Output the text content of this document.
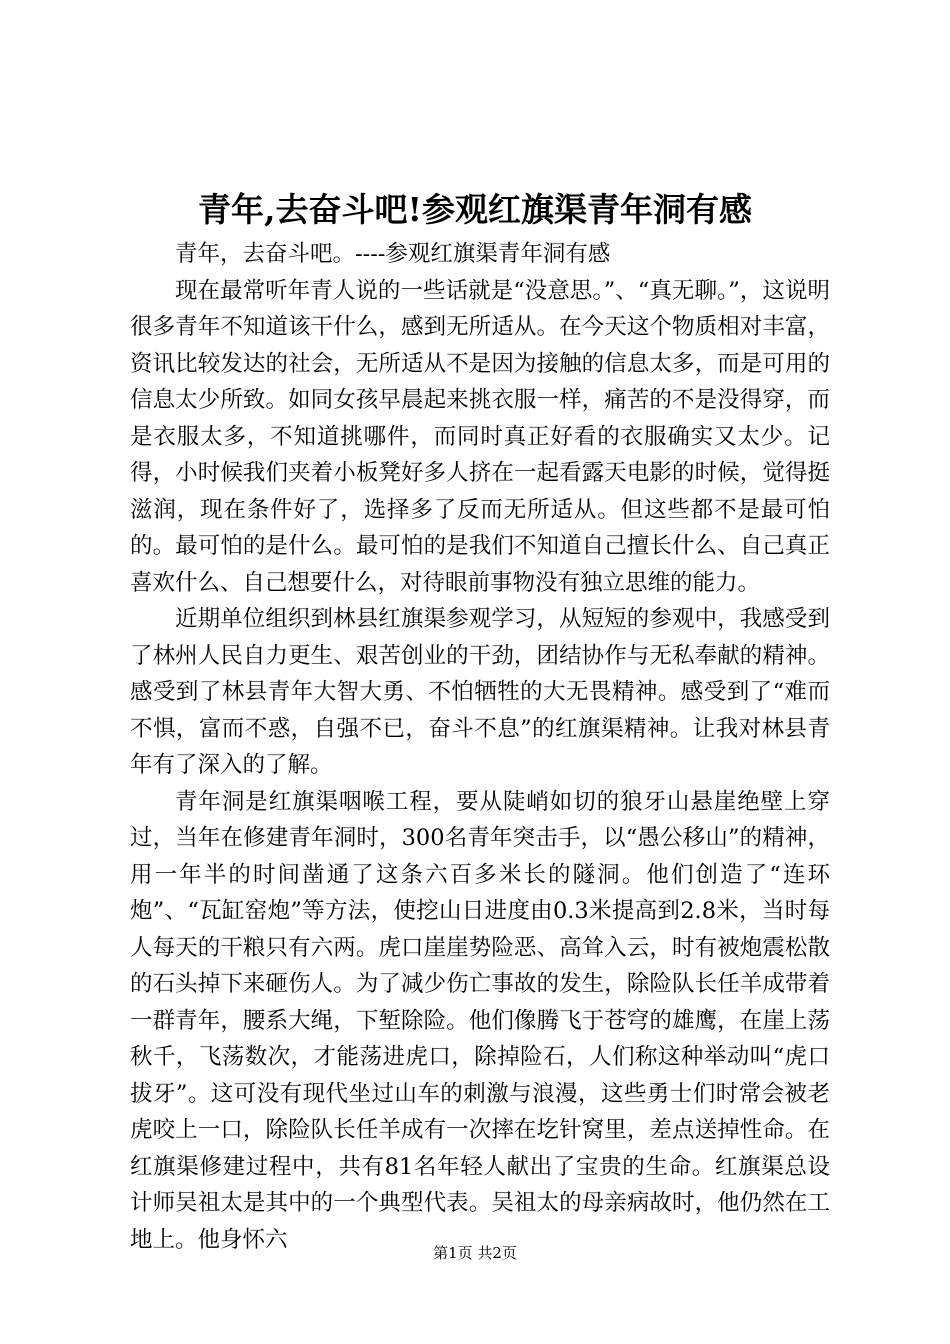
青年,去奋斗吧!参观红旗渠青年洞有感

青年，去奋斗吧。----参观红旗渠青年洞有感

现在最常听年青人说的一些话就是“没意思。”、“真无聊。”，这说明很多青年不知道该干什么，感到无所适从。在今天这个物质相对丰富，资讯比较发达的社会，无所适从不是因为接触的信息太多，而是可用的信息太少所致。如同女孩早晨起来挑衣服一样，痛苦的不是没得穿，而是衣服太多，不知道挑哪件，而同时真正好看的衣服确实又太少。记得，小时候我们夹着小板凳好多人挤在一起看露天电影的时候，觉得挺滋润，现在条件好了，选择多了反而无所适从。但这些都不是最可怕的。最可怕的是什么。最可怕的是我们不知道自己擅长什么、自己真正喜欢什么、自己想要什么，对待眼前事物没有独立思维的能力。

近期单位组织到林县红旗渠参观学习，从短短的参观中，我感受到了林州人民自力更生、艰苦创业的干劲，团结协作与无私奉献的精神。感受到了林县青年大智大勇、不怕牺牲的大无畏精神。感受到了“难而不惧，富而不惑，自强不已，奋斗不息”的红旗渠精神。让我对林县青年有了深入的了解。

青年洞是红旗渠咽喉工程，要从陡峭如切的狼牙山悬崖绝壁上穿过，当年在修建青年洞时，300名青年突击手，以“愚公移山”的精神，用一年半的时间凿通了这条六百多米长的隧洞。他们创造了“连环炮”、“瓦缸窑炮”等方法，使挖山日进度由0.3米提高到2.8米，当时每人每天的干粮只有六两。虎口崖崖势险恶、高耸入云，时有被炮震松散的石头掉下来砸伤人。为了减少伤亡事故的发生，除险队长任羊成带着一群青年，腰系大绳，下堑除险。他们像腾飞于苍穹的雄鹰，在崖上荡秋千，飞荡数次，才能荡进虎口，除掉险石，人们称这种举动叫“虎口拔牙”。这可没有现代坐过山车的刺激与浪漫，这些勇士们时常会被老虎咬上一口，除险队长任羊成有一次摔在圪针窝里，差点送掉性命。在红旗渠修建过程中，共有81名年轻人献出了宝贵的生命。红旗渠总设计师吴祖太是其中的一个典型代表。吴祖太的母亲病故时，他仍然在工地上。他身怀六

第1页 共2页
